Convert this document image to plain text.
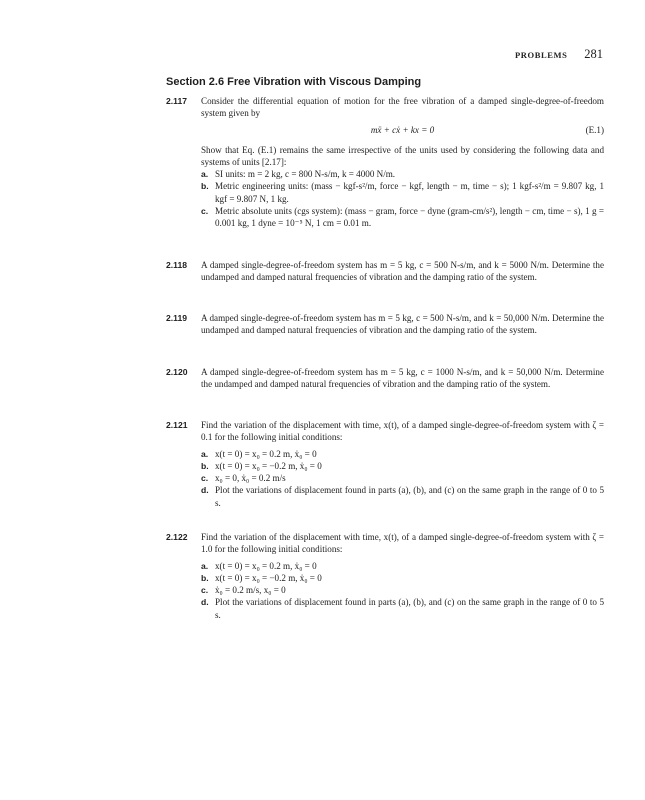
PROBLEMS 281
Section 2.6 Free Vibration with Viscous Damping
2.117 Consider the differential equation of motion for the free vibration of a damped single-degree-of-freedom system given by

mẍ + cẋ + kx = 0	(E.1)

Show that Eq. (E.1) remains the same irrespective of the units used by considering the following data and systems of units [2.17]:

a. SI units: m = 2 kg, c = 800 N-s/m, k = 4000 N/m.
b. Metric engineering units: (mass − kgf-s²/m, force − kgf, length − m, time − s); 1 kgf-s²/m = 9.807 kg, 1 kgf = 9.807 N, 1 kg.
c. Metric absolute units (cgs system): (mass − gram, force − dyne (gram-cm/s²), length − cm, time − s), 1 g = 0.001 kg, 1 dyne = 10⁻⁵ N, 1 cm = 0.01 m.
2.118 A damped single-degree-of-freedom system has m = 5 kg, c = 500 N-s/m, and k = 5000 N/m. Determine the undamped and damped natural frequencies of vibration and the damping ratio of the system.

2.119 A damped single-degree-of-freedom system has m = 5 kg, c = 500 N-s/m, and k = 50,000 N/m. Determine the undamped and damped natural frequencies of vibration and the damping ratio of the system.

2.120 A damped single-degree-of-freedom system has m = 5 kg, c = 1000 N-s/m, and k = 50,000 N/m. Determine the undamped and damped natural frequencies of vibration and the damping ratio of the system.

2.121 Find the variation of the displacement with time, x(t), of a damped single-degree-of-freedom system with ζ = 0.1 for the following initial conditions:

a. x(t = 0) = x₀ = 0.2 m, ẋ₀ = 0
b. x(t = 0) = x₀ = −0.2 m, ẋ₀ = 0
c. x₀ = 0, ẋ₀ = 0.2 m/s
d. Plot the variations of displacement found in parts (a), (b), and (c) on the same graph in the range of 0 to 5 s.
2.122 Find the variation of the displacement with time, x(t), of a damped single-degree-of-freedom system with ζ = 1.0 for the following initial conditions:

a. x(t = 0) = x₀ = 0.2 m, ẋ₀ = 0
b. x(t = 0) = x₀ = −0.2 m, ẋ₀ = 0
c. ẋ₀ = 0.2 m/s, x₀ = 0
d. Plot the variations of displacement found in parts (a), (b), and (c) on the same graph in the range of 0 to 5 s.
